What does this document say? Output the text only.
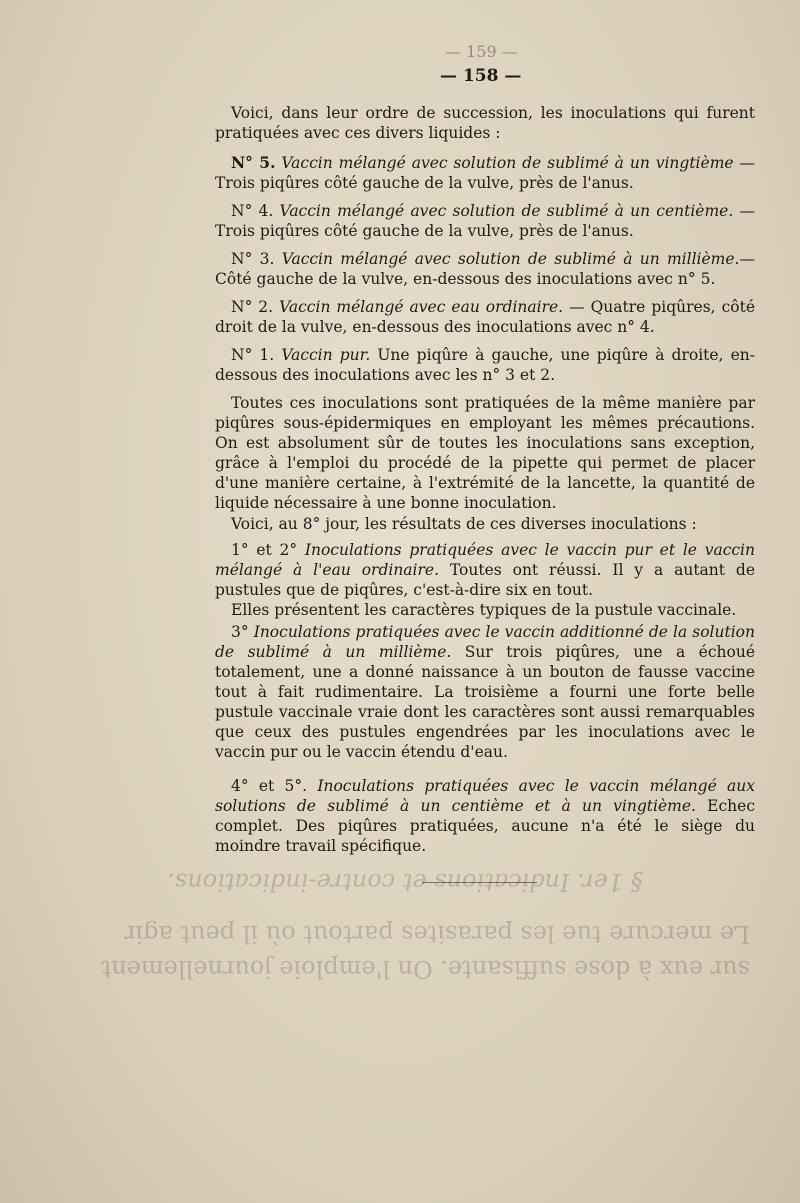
§ 1er. Indications et contre-indications.
Le mercure tue les parasites partout où il peut agir
sur eux à dose suffisante. On l'emploie journellement
— 159 —
— 158 —

Voici, dans leur ordre de succession, les inoculations qui furent pratiquées avec ces divers liquides :

N° 5. Vaccin mélangé avec solution de sublimé à un vingtième — Trois piqûres côté gauche de la vulve, près de l'anus.

N° 4. Vaccin mélangé avec solution de sublimé à un centième. — Trois piqûres côté gauche de la vulve, près de l'anus.

N° 3. Vaccin mélangé avec solution de sublimé à un millième.— Côté gauche de la vulve, en-dessous des inoculations avec n° 5.

N° 2. Vaccin mélangé avec eau ordinaire. — Quatre piqûres, côté droit de la vulve, en-dessous des inoculations avec n° 4.

N° 1. Vaccin pur. Une piqûre à gauche, une piqûre à droite, en-dessous des inoculations avec les n° 3 et 2.

Toutes ces inoculations sont pratiquées de la même manière par piqûres sous-épidermiques en employant les mêmes précautions. On est absolument sûr de toutes les inoculations sans exception, grâce à l'emploi du procédé de la pipette qui permet de placer d'une manière certaine, à l'extrémité de la lancette, la quantité de liquide nécessaire à une bonne inoculation.

Voici, au 8° jour, les résultats de ces diverses inoculations :

1° et 2° Inoculations pratiquées avec le vaccin pur et le vaccin mélangé à l'eau ordinaire. Toutes ont réussi. Il y a autant de pustules que de piqûres, c'est-à-dire six en tout.

Elles présentent les caractères typiques de la pustule vaccinale.

3° Inoculations pratiquées avec le vaccin additionné de la solution de sublimé à un millième. Sur trois piqûres, une a échoué totalement, une a donné naissance à un bouton de fausse vaccine tout à fait rudimentaire. La troisième a fourni une forte belle pustule vaccinale vraie dont les caractères sont aussi remarquables que ceux des pustules engendrées par les inoculations avec le vaccin pur ou le vaccin étendu d'eau.

4° et 5°. Inoculations pratiquées avec le vaccin mélangé aux solutions de sublimé à un centième et à un vingtième. Echec complet. Des piqûres pratiquées, aucune n'a été le siège du moindre travail spécifique.
